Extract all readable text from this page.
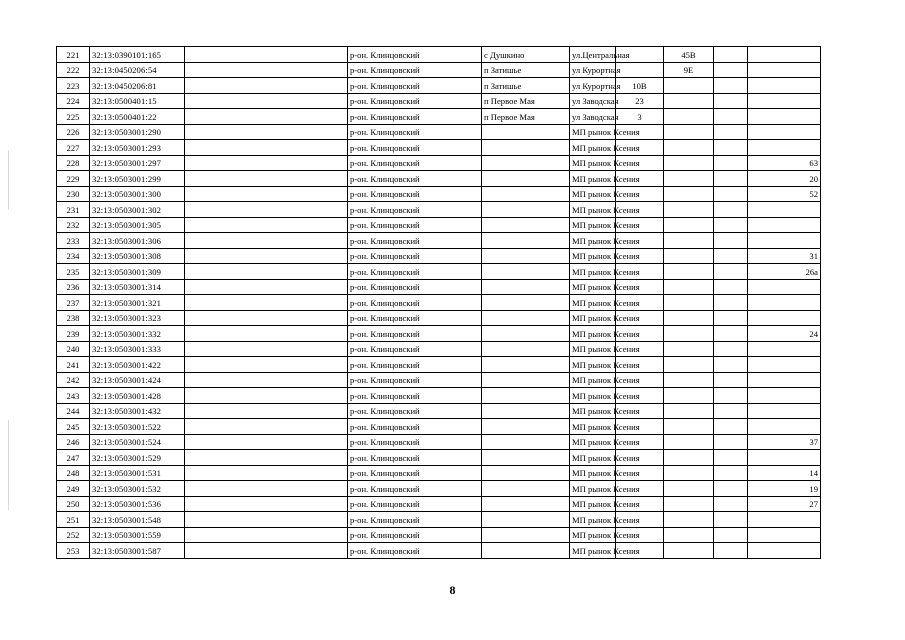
221	32:13:0390101:165		р-он. Клинцовский	с Душкино	ул.Центральная		45В		
222	32:13:0450206:54		р-он. Клинцовский	п Затишье	ул Курортная		9Е		
223	32:13:0450206:81		р-он. Клинцовский	п Затишье	ул Курортная	10В			
224	32:13:0500401:15		р-он. Клинцовский	п Первое Мая	ул Заводская	23			
225	32:13:0500401:22		р-он. Клинцовский	п Первое Мая	ул Заводская	3			
226	32:13:0503001:290		р-он. Клинцовский		МП рынок Ксения				
227	32:13:0503001:293		р-он. Клинцовский		МП рынок Ксения				
228	32:13:0503001:297		р-он. Клинцовский		МП рынок Ксения				63
229	32:13:0503001:299		р-он. Клинцовский		МП рынок Ксения				20
230	32:13:0503001:300		р-он. Клинцовский		МП рынок Ксения				52
231	32:13:0503001:302		р-он. Клинцовский		МП рынок Ксения				
232	32:13:0503001:305		р-он. Клинцовский		МП рынок Ксения				
233	32:13:0503001:306		р-он. Клинцовский		МП рынок Ксения				
234	32:13:0503001:308		р-он. Клинцовский		МП рынок Ксения				31
235	32:13:0503001:309		р-он. Клинцовский		МП рынок Ксения				26а
236	32:13:0503001:314		р-он. Клинцовский		МП рынок Ксения				
237	32:13:0503001:321		р-он. Клинцовский		МП рынок Ксения				
238	32:13:0503001:323		р-он. Клинцовский		МП рынок Ксения				
239	32:13:0503001:332		р-он. Клинцовский		МП рынок Ксения				24
240	32:13:0503001:333		р-он. Клинцовский		МП рынок Ксения				
241	32:13:0503001:422		р-он. Клинцовский		МП рынок Ксения				
242	32:13:0503001:424		р-он. Клинцовский		МП рынок Ксения				
243	32:13:0503001:428		р-он. Клинцовский		МП рынок Ксения				
244	32:13:0503001:432		р-он. Клинцовский		МП рынок Ксения				
245	32:13:0503001:522		р-он. Клинцовский		МП рынок Ксения				
246	32:13:0503001:524		р-он. Клинцовский		МП рынок Ксения				37
247	32:13:0503001:529		р-он. Клинцовский		МП рынок Ксения				
248	32:13:0503001:531		р-он. Клинцовский		МП рынок Ксения				14
249	32:13:0503001:532		р-он. Клинцовский		МП рынок Ксения				19
250	32:13:0503001:536		р-он. Клинцовский		МП рынок Ксения				27
251	32:13:0503001:548		р-он. Клинцовский		МП рынок Ксения				
252	32:13:0503001:559		р-он. Клинцовский		МП рынок Ксения				
253	32:13:0503001:587		р-он. Клинцовский		МП рынок Ксения				
8
